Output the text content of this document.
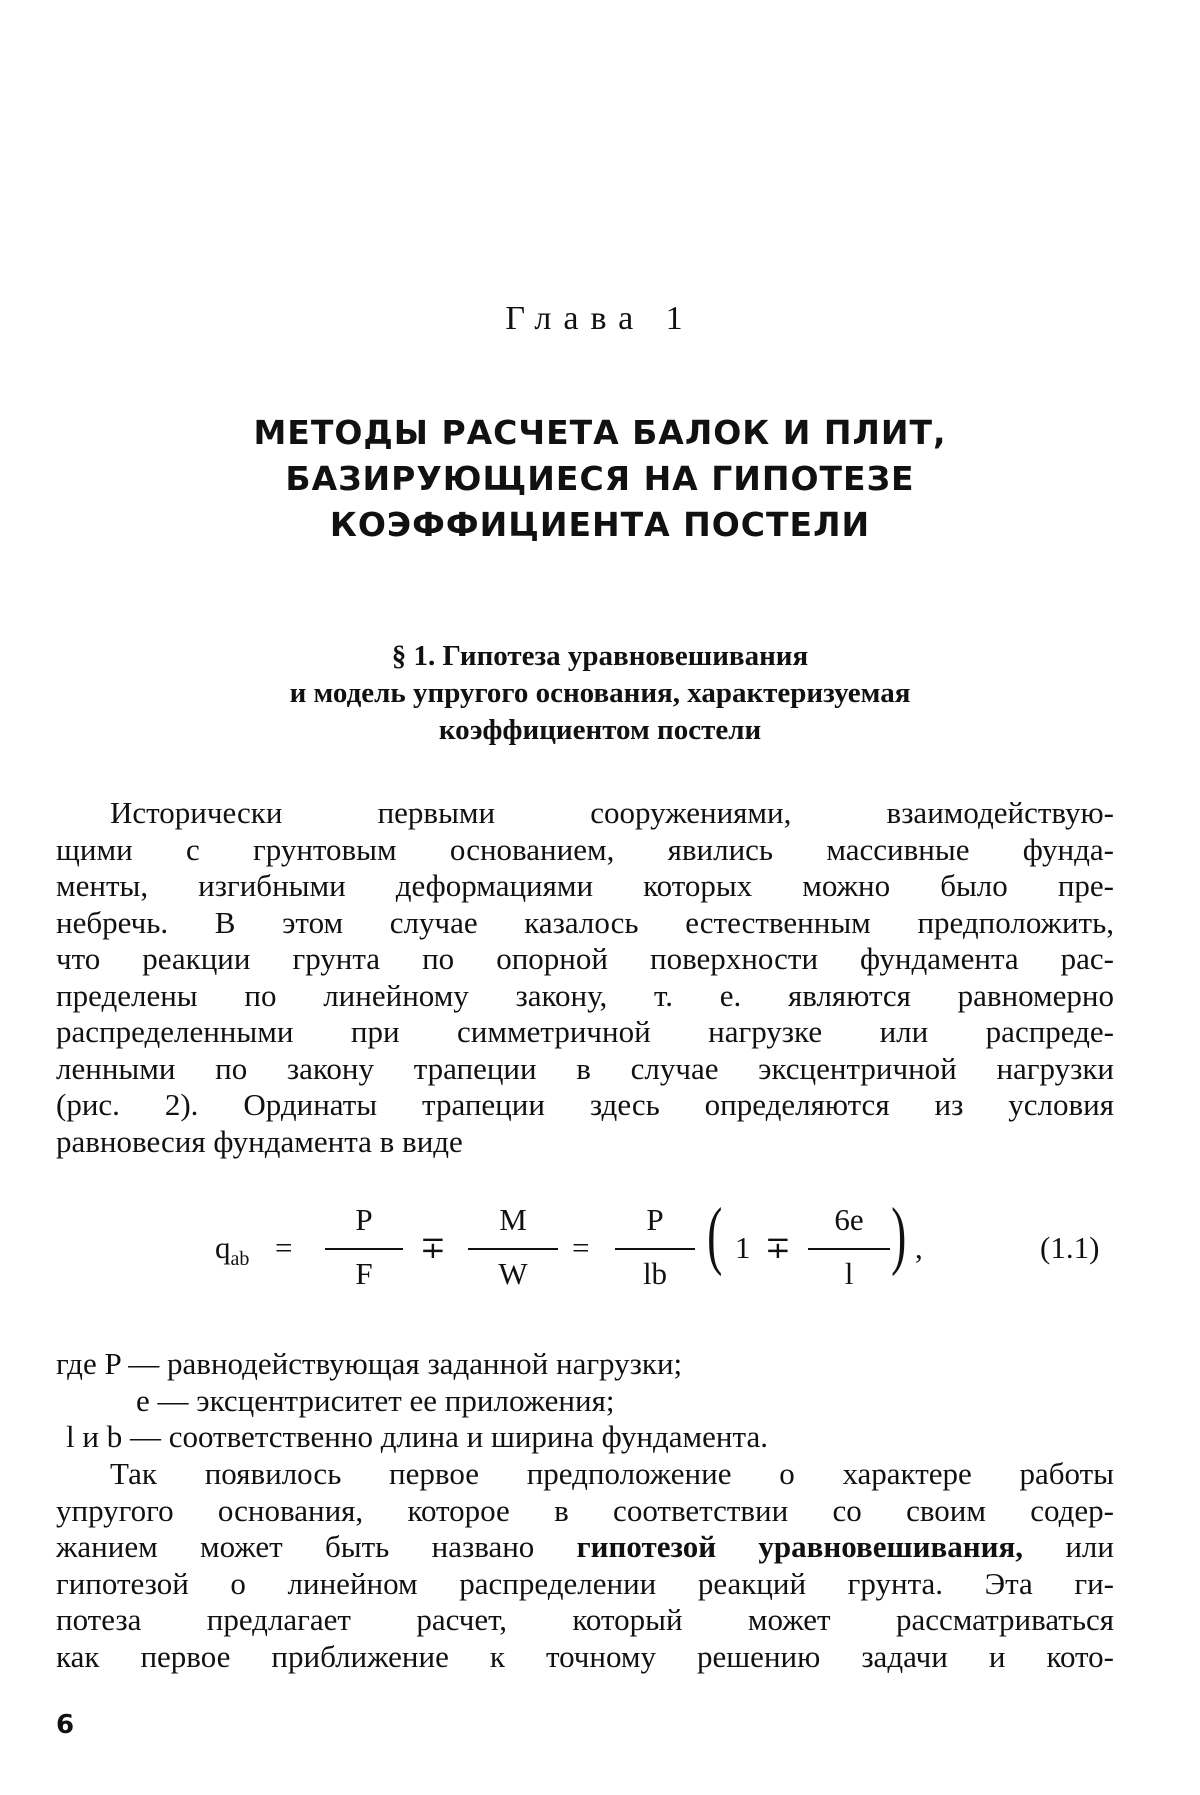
Глава 1
МЕТОДЫ РАСЧЕТА БАЛОК И ПЛИТ,
БАЗИРУЮЩИЕСЯ НА ГИПОТЕЗЕ
КОЭФФИЦИЕНТА ПОСТЕЛИ
§ 1. Гипотеза уравновешивания
и модель упругого основания, характеризуемая
коэффициентом постели
Исторически первыми сооружениями, взаимодействую-
щими с грунтовым основанием, явились массивные фунда-
менты, изгибными деформациями которых можно было пре-
небречь. В этом случае казалось естественным предположить,
что реакции грунта по опорной поверхности фундамента рас-
пределены по линейному закону, т. е. являются равномерно
распределенными при симметричной нагрузке или распреде-
ленными по закону трапеции в случае эксцентричной нагрузки
(рис. 2). Ординаты трапеции здесь определяются из условия
равновесия фундамента в виде
$q_{ab}$ =
P
F
∓
M
W
=
P
lb ( 1 ∓
6e
l ) ,	(1.1)
где P — равнодействующая заданной нагрузки;
e — эксцентриситет ее приложения;
l и b — соответственно длина и ширина фундамента.
Так появилось первое предположение о характере работы
упругого основания, которое в соответствии со своим содер-
жанием может быть названо гипотезой уравновешивания, или
гипотезой о линейном распределении реакций грунта. Эта ги-
потеза предлагает расчет, который может рассматриваться
как первое приближение к точному решению задачи и кото-
6
